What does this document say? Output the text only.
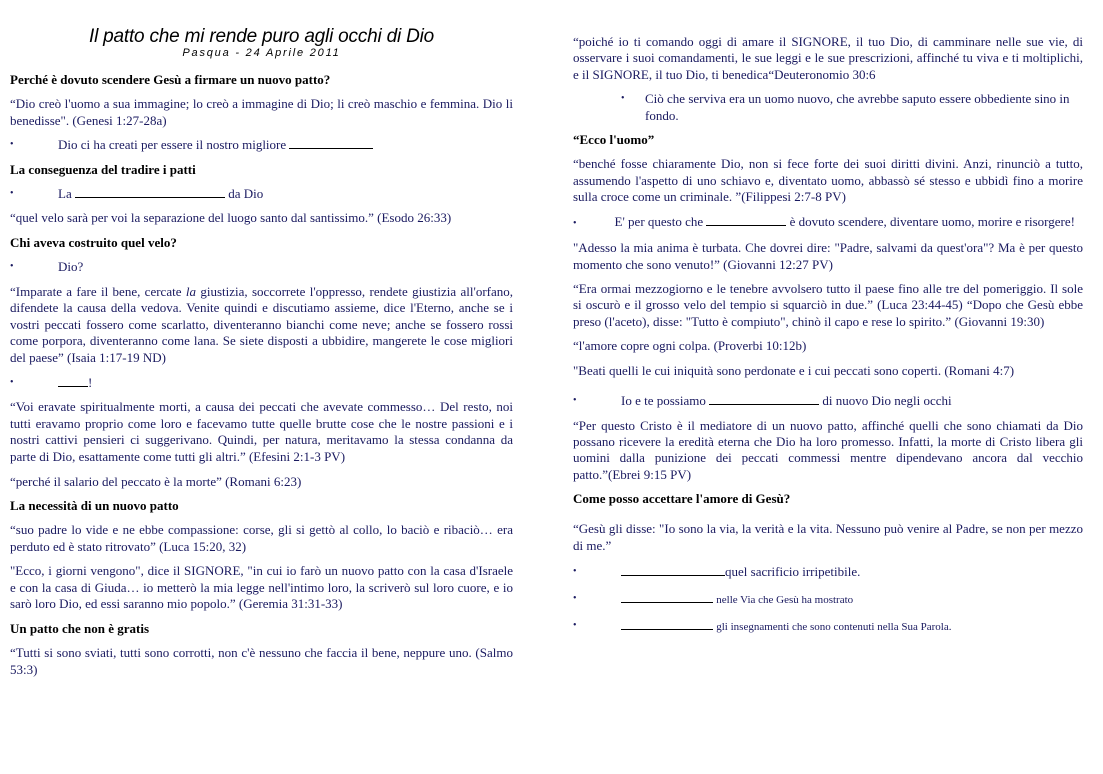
Il patto che mi rende puro agli occhi di Dio
Pasqua - 24 Aprile 2011
Perché è dovuto scendere Gesù a firmare un nuovo patto?
“Dio creò l'uomo a sua immagine; lo creò a immagine di Dio; li creò maschio e femmina. Dio li benedisse". (Genesi 1:27-28a)
•	Dio ci ha creati per essere il nostro migliore
La conseguenza del tradire i patti
•	La	da Dio
“quel velo sarà per voi la separazione del luogo santo dal santissimo.” (Esodo 26:33)
Chi aveva costruito quel velo?
•	Dio?
“Imparate a fare il bene, cercate la giustizia, soccorrete l'oppresso, rendete giustizia all'orfano, difendete la causa della vedova. Venite quindi e discutiamo assieme, dice l'Eterno, anche se i vostri peccati fossero come scarlatto, diventeranno bianchi come neve; anche se fossero rossi come porpora, diventeranno come lana. Se siete disposti a ubbidire, mangerete le cose migliori del paese” (Isaia 1:17-19 ND)
•	!
“Voi eravate spiritualmente morti, a causa dei peccati che avevate commesso… Del resto, noi tutti eravamo proprio come loro e facevamo tutte quelle brutte cose che le nostre passioni e i nostri cattivi pensieri ci suggerivano. Quindi, per natura, meritavamo la stessa condanna da parte di Dio, esattamente come tutti gli altri.” (Efesini 2:1-3 PV)
“perché il salario del peccato è la morte” (Romani 6:23)
La necessità di un nuovo patto
“suo padre lo vide e ne ebbe compassione: corse, gli si gettò al collo, lo baciò e ribaciò… era perduto ed è stato ritrovato” (Luca 15:20, 32)
"Ecco, i giorni vengono", dice il SIGNORE, "in cui io farò un nuovo patto con la casa d'Israele e con la casa di Giuda… io metterò la mia legge nell'intimo loro, la scriverò sul loro cuore, e io sarò loro Dio, ed essi saranno mio popolo.” (Geremia 31:31-33)
Un patto che non è gratis
“Tutti si sono sviati, tutti sono corrotti, non c'è nessuno che faccia il bene, neppure uno. (Salmo 53:3)
“poiché io ti comando oggi di amare il SIGNORE, il tuo Dio, di camminare nelle sue vie, di osservare i suoi comandamenti, le sue leggi e le sue prescrizioni, affinché tu viva e ti moltiplichi, e il SIGNORE, il tuo Dio, ti benedica“Deuteronomio 30:6
• Ciò che serviva era un uomo nuovo, che avrebbe saputo essere obbediente sino in fondo.
“Ecco l'uomo”
“benché fosse chiaramente Dio, non si fece forte dei suoi diritti divini. Anzi, rinunciò a tutto, assumendo l'aspetto di uno schiavo e, diventato uomo, abbassò sé stesso e ubbidì fino a morire sulla croce come un criminale. ”(Filippesi 2:7-8 PV)
•	E' per questo che	è dovuto scendere, diventare uomo, morire e risorgere!
"Adesso la mia anima è turbata. Che dovrei dire: "Padre, salvami da quest'ora"? Ma è per questo momento che sono venuto!” (Giovanni 12:27 PV)
“Era ormai mezzogiorno e le tenebre avvolsero tutto il paese fino alle tre del pomeriggio. Il sole si oscurò e il grosso velo del tempio si squarciò in due.” (Luca 23:44-45) “Dopo che Gesù ebbe preso (l'aceto), disse: "Tutto è compiuto", chinò il capo e rese lo spirito.” (Giovanni 19:30)
“l'amore copre ogni colpa. (Proverbi 10:12b)
"Beati quelli le cui iniquità sono perdonate e i cui peccati sono coperti. (Romani 4:7)
•	Io e te possiamo	di nuovo Dio negli occhi
“Per questo Cristo è il mediatore di un nuovo patto, affinché quelli che sono chiamati da Dio possano ricevere la eredità eterna che Dio ha loro promesso. Infatti, la morte di Cristo libera gli uomini dalla punizione dei peccati commessi mentre dipendevano ancora dal vecchio patto.”(Ebrei 9:15 PV)
Come posso accettare l'amore di Gesù?
“Gesù gli disse: "Io sono la via, la verità e la vita. Nessuno può venire al Padre, se non per mezzo di me.”
•	quel sacrificio irripetibile.
•	nelle Via che Gesù ha mostrato
•	gli insegnamenti che sono contenuti nella Sua Parola.
